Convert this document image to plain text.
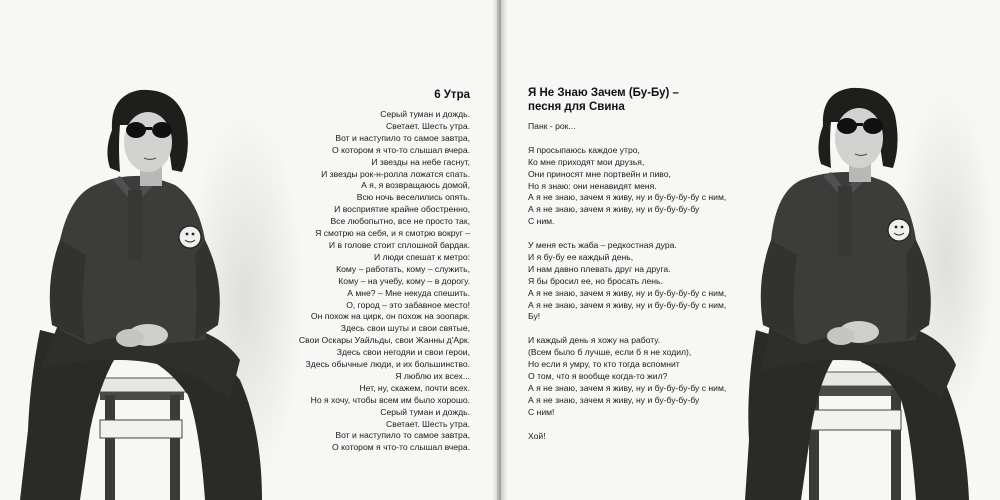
6 Утра
Серый туман и дождь.
Светает. Шесть утра.
Вот и наступило то самое завтра,
О котором я что-то слышал вчера.
И звезды на небе гаснут,
И звезды рок-н-ролла ложатся спать.
А я, я возвращаюсь домой,
Всю ночь веселились опять.
И восприятие крайне обостренно,
Все любопытно, все не просто так,
Я смотрю на себя, и я смотрю вокруг –
И в голове стоит сплошной бардак.
И люди спешат к метро:
Кому – работать, кому – служить,
Кому – на учебу, кому – в дорогу.
А мне? – Мне некуда спешить.
О, город – это забавное место!
Он похож на цирк, он похож на зоопарк.
Здесь свои шуты и свои святые,
Свои Оскары Уайльды, свои Жанны д'Арк.
Здесь свои негодяи и свои герои,
Здесь обычные люди, и их большинство.
Я люблю их всех...
Нет, ну, скажем, почти всех.
Но я хочу, чтобы всем им было хорошо.
Серый туман и дождь.
Светает. Шесть утра.
Вот и наступило то самое завтра,
О котором я что-то слышал вчера.
Я Не Знаю Зачем (Бу-Бу) –
песня для Свина
Панк - рок...
Я просыпаюсь каждое утро,
Ко мне приходят мои друзья,
Они приносят мне портвейн и пиво,
Но я знаю: они ненавидят меня.
А я не знаю, зачем я живу, ну и бу-бу-бу-бу с ним,
А я не знаю, зачем я живу, ну и бу-бу-бу-бу
С ним.
У меня есть жаба – редкостная дура.
И я бу-бу ее каждый день,
И нам давно плевать друг на друга.
Я бы бросил ее, но бросать лень.
А я не знаю, зачем я живу, ну и бу-бу-бу-бу с ним,
А я не знаю, зачем я живу, ну и бу-бу-бу-бу с ним,
Бу!
И каждый день я хожу на работу.
(Всем было б лучше, если б я не ходил),
Но если я умру, то кто тогда вспомнит
О том, что я вообще когда-то жил?
А я не знаю, зачем я живу, ну и бу-бу-бу-бу с ним,
А я не знаю, зачем я живу, ну и бу-бу-бу-бу
С ним!
Хой!
